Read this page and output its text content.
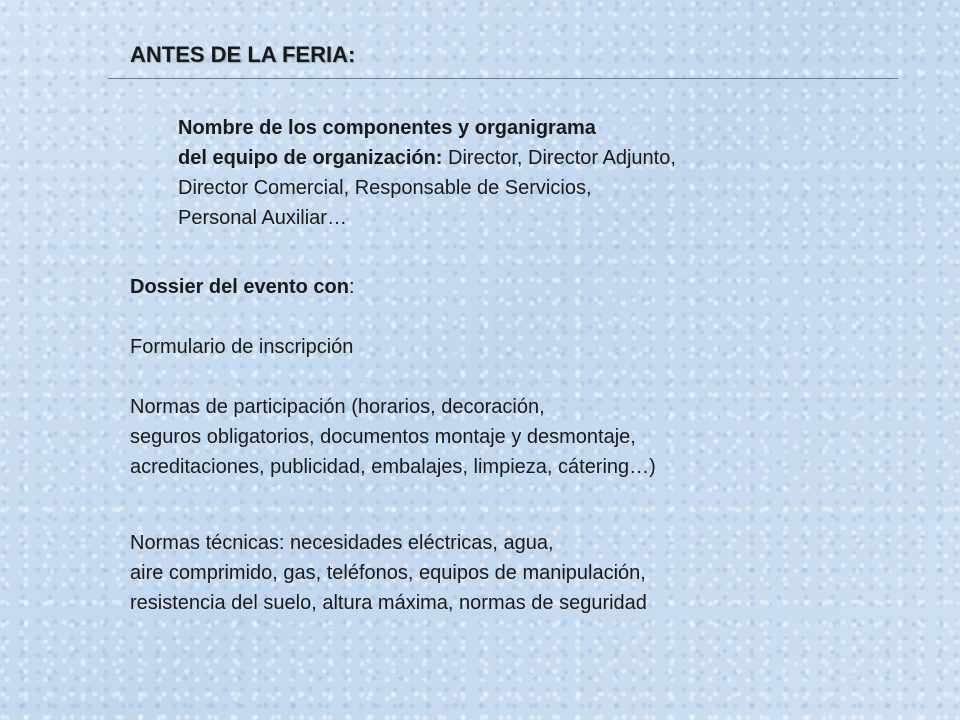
ANTES DE LA FERIA:
Nombre de los componentes y organigrama
del equipo de organización: Director, Director Adjunto,
Director Comercial, Responsable de Servicios,
Personal Auxiliar…
Dossier del evento con:
Formulario de inscripción
Normas de participación (horarios, decoración,
seguros obligatorios, documentos montaje y desmontaje,
acreditaciones, publicidad, embalajes, limpieza, cátering…)
Normas técnicas: necesidades eléctricas, agua,
aire comprimido, gas, teléfonos, equipos de manipulación,
resistencia del suelo, altura máxima, normas de seguridad
